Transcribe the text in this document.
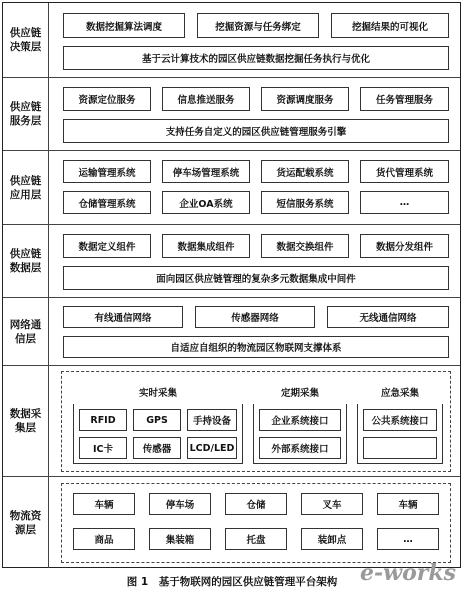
供应链决策层
数据挖掘算法调度	挖掘资源与任务绑定	挖掘结果的可视化
基于云计算技术的园区供应链数据挖掘任务执行与优化
供应链服务层
资源定位服务	信息推送服务	资源调度服务	任务管理服务
支持任务自定义的园区供应链管理服务引擎
供应链应用层
运输管理系统	停车场管理系统	货运配载系统	货代管理系统
仓储管理系统	企业OA系统	短信服务系统	…
供应链数据层
数据定义组件	数据集成组件	数据交换组件	数据分发组件
面向园区供应链管理的复杂多元数据集成中间件
网络通信层
有线通信网络	传感器网络	无线通信网络
自适应自组织的物流园区物联网支撑体系
数据采集层
实时采集
RFID	GPS	手持设备
IC卡	传感器	LCD/LED
定期采集
企业系统接口
外部系统接口
应急采集
公共系统接口
物流资源层
车辆	停车场	仓储	叉车	车辆
商品	集装箱	托盘	装卸点	…
图 1　基于物联网的园区供应链管理平台架构	e-works
